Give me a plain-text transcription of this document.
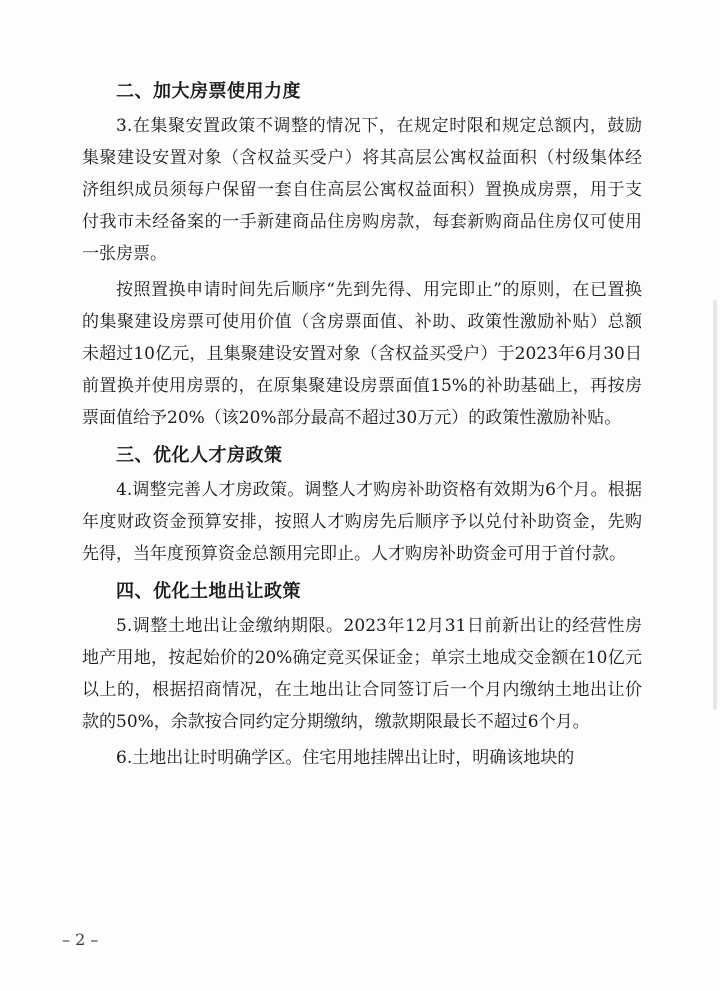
二、加大房票使用力度

3.在集聚安置政策不调整的情况下，在规定时限和规定总额内，鼓励集聚建设安置对象（含权益买受户）将其高层公寓权益面积（村级集体经济组织成员须每户保留一套自住高层公寓权益面积）置换成房票，用于支付我市未经备案的一手新建商品住房购房款，每套新购商品住房仅可使用一张房票。

按照置换申请时间先后顺序“先到先得、用完即止”的原则，在已置换的集聚建设房票可使用价值（含房票面值、补助、政策性激励补贴）总额未超过10亿元，且集聚建设安置对象（含权益买受户）于2023年6月30日前置换并使用房票的，在原集聚建设房票面值15%的补助基础上，再按房票面值给予20%（该20%部分最高不超过30万元）的政策性激励补贴。

三、优化人才房政策

4.调整完善人才房政策。调整人才购房补助资格有效期为6个月。根据年度财政资金预算安排，按照人才购房先后顺序予以兑付补助资金，先购先得，当年度预算资金总额用完即止。人才购房补助资金可用于首付款。

四、优化土地出让政策

5.调整土地出让金缴纳期限。2023年12月31日前新出让的经营性房地产用地，按起始价的20%确定竞买保证金；单宗土地成交金额在10亿元以上的，根据招商情况，在土地出让合同签订后一个月内缴纳土地出让价款的50%，余款按合同约定分期缴纳，缴款期限最长不超过6个月。

6.土地出让时明确学区。住宅用地挂牌出让时，明确该地块的

– 2 –
